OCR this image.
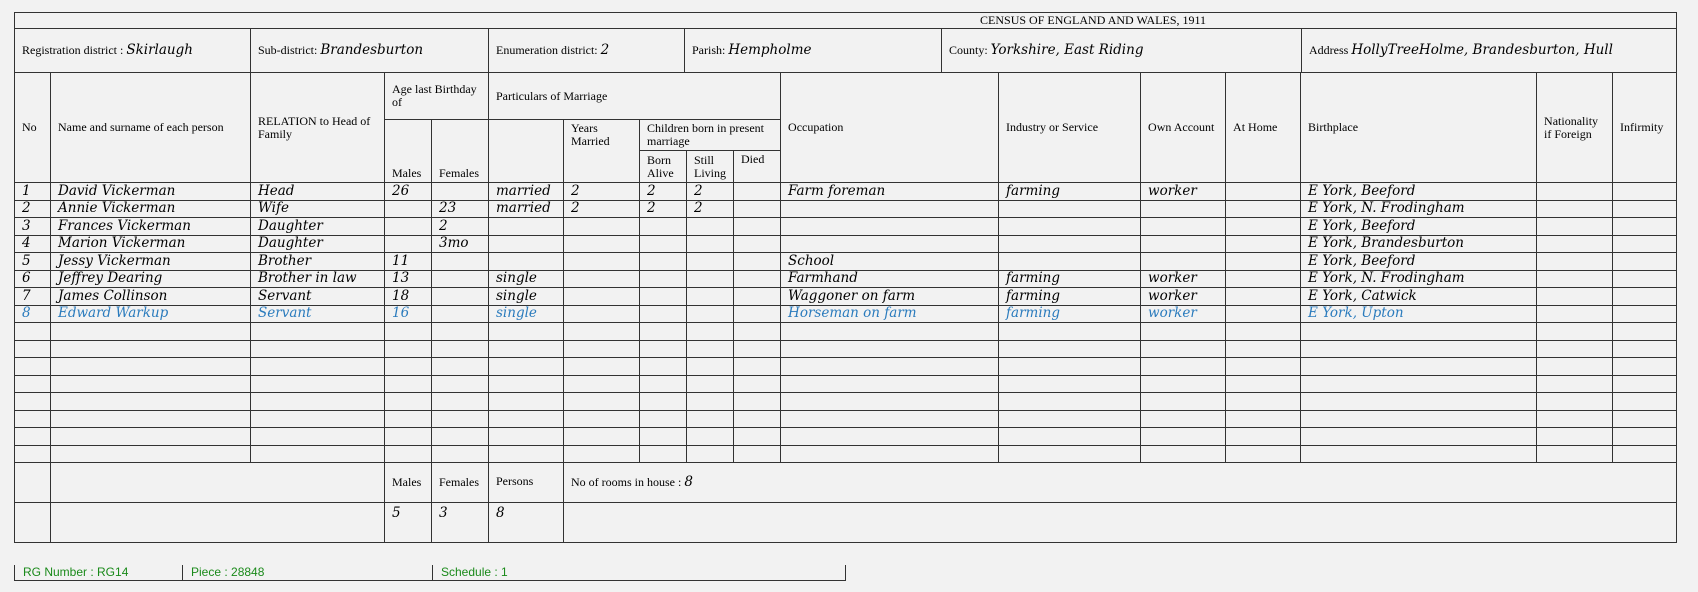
CENSUS OF ENGLAND AND WALES, 1911
Registration district : Skirlaugh	Sub-district: Brandesburton	Enumeration district: 2	Parish: Hempholme	County: Yorkshire, East Riding	Address HollyTreeHolme, Brandesburton, Hull
No	Name and surname of each person	RELATION to Head of Family	Age last Birthday of		Particulars of Marriage					Occupation	Industry or Service	Own Account	At Home	Birthplace	Nationality if Foreign	Infirmity
			Males	Females		Years Married	Children born in present marriage									
							Born Alive	Still Living	Died							
1	David Vickerman	Head	26		married	2	2	2		Farm foreman	farming	worker		E York, Beeford		
2	Annie Vickerman	Wife		23	married	2	2	2						E York, N. Frodingham		
3	Frances Vickerman	Daughter		2										E York, Beeford		
4	Marion Vickerman	Daughter		3mo										E York, Brandesburton		
5	Jessy Vickerman	Brother	11							School				E York, Beeford		
6	Jeffrey Dearing	Brother in law	13		single					Farmhand	farming	worker		E York, N. Frodingham		
7	James Collinson	Servant	18		single					Waggoner on farm	farming	worker		E York, Catwick		
8	Edward Warkup	Servant	16		single					Horseman on farm	farming	worker		E York, Upton		

			Males	Females	Persons	No of rooms in house : 8										
			5	3	8											
RG Number : RG14	Piece : 28848	Schedule : 1
